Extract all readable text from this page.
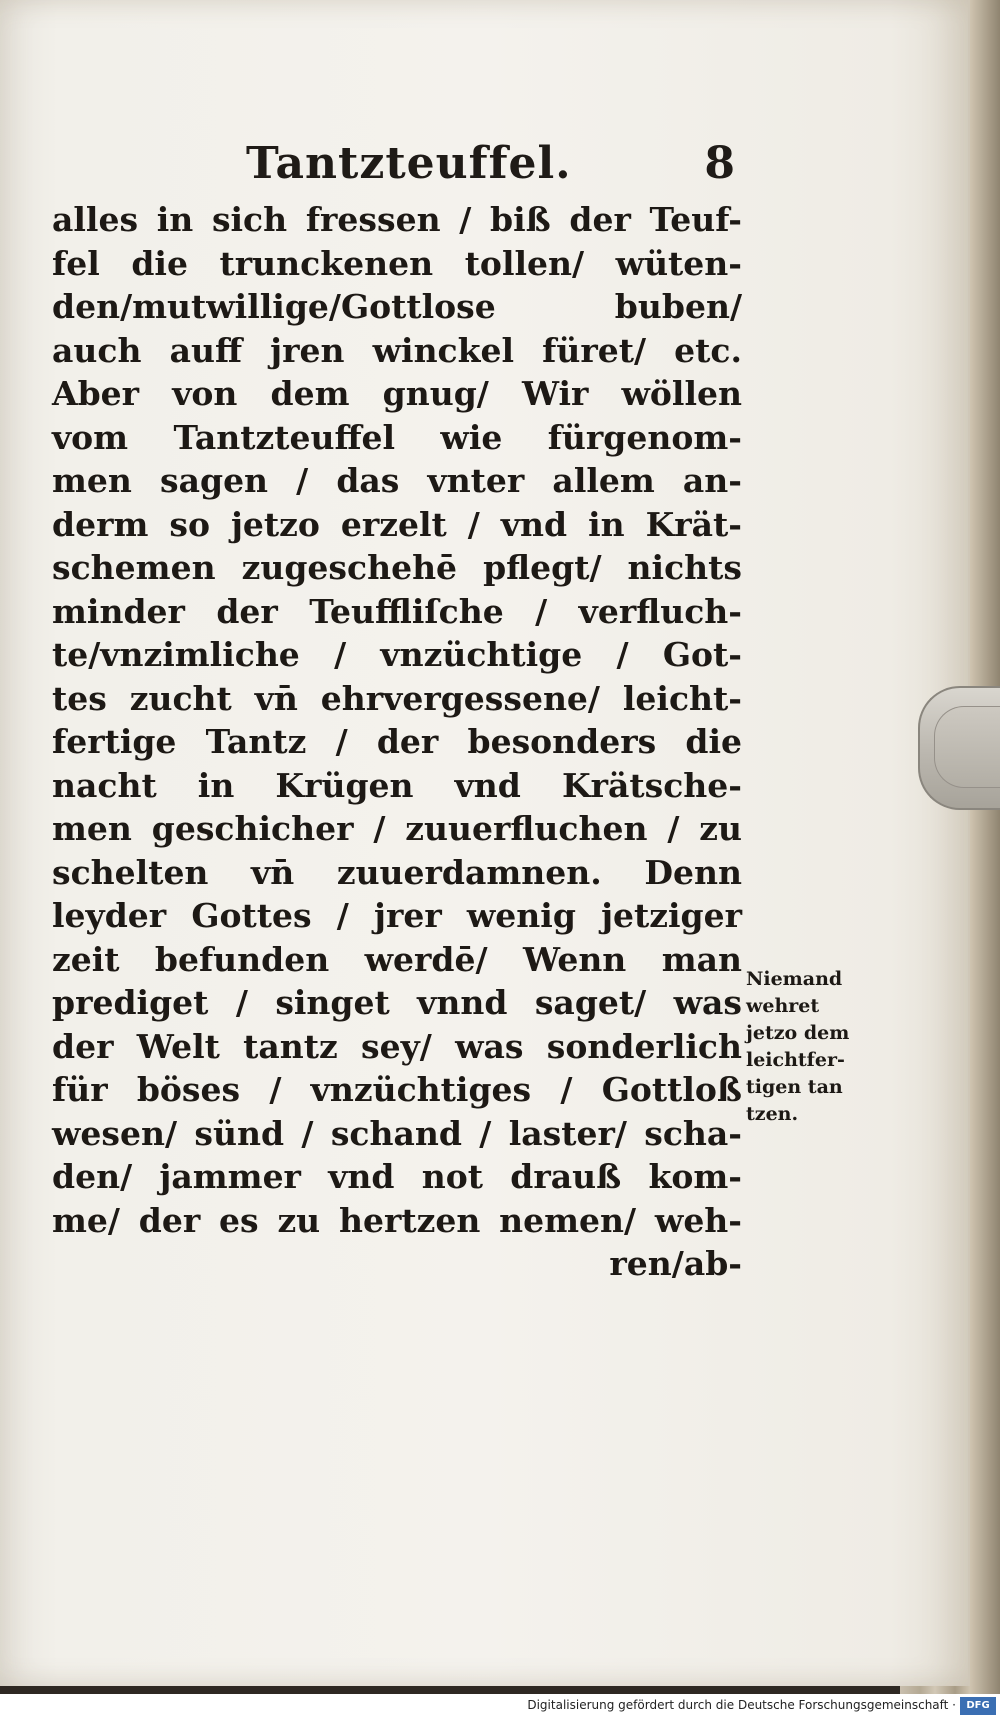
Tantzteuffel.	8
alles in sich fressen / biß der Teuf-
fel die trunckenen tollen/ wüten-
den/mutwillige/Gottlose buben/
auch auff jren winckel füret/ etc.
Aber von dem gnug/ Wir wöllen
vom Tantzteuffel wie fürgenom-
men sagen / das vnter allem an-
derm so jetzo erzelt / vnd in Krät-
schemen zugeschehē pflegt/ nichts
minder der Teuffliſche / verfluch-
te/vnzimliche / vnzüchtige / Got-
tes zucht vn̄ ehrvergessene/ leicht-
fertige Tantz / der besonders die
nacht in Krügen vnd Krätsche-
men geschicher / zuuerfluchen / zu
schelten vn̄ zuuerdamnen. Denn
leyder Gottes / jrer wenig jetziger
zeit befunden werdē/ Wenn man
prediget / singet vnnd saget/ was
der Welt tantz sey/ was sonderlich
für böses / vnzüchtiges / Gottloß
wesen/ sünd / schand / laster/ scha-
den/ jammer vnd not drauß kom-
me/ der es zu hertzen nemen/ weh-
ren/ab-
Niemand
wehret
jetzo dem
leichtfer-
tigen tan
tzen.
Digitalisierung gefördert durch die Deutsche Forschungsgemeinschaft ·	DFG
